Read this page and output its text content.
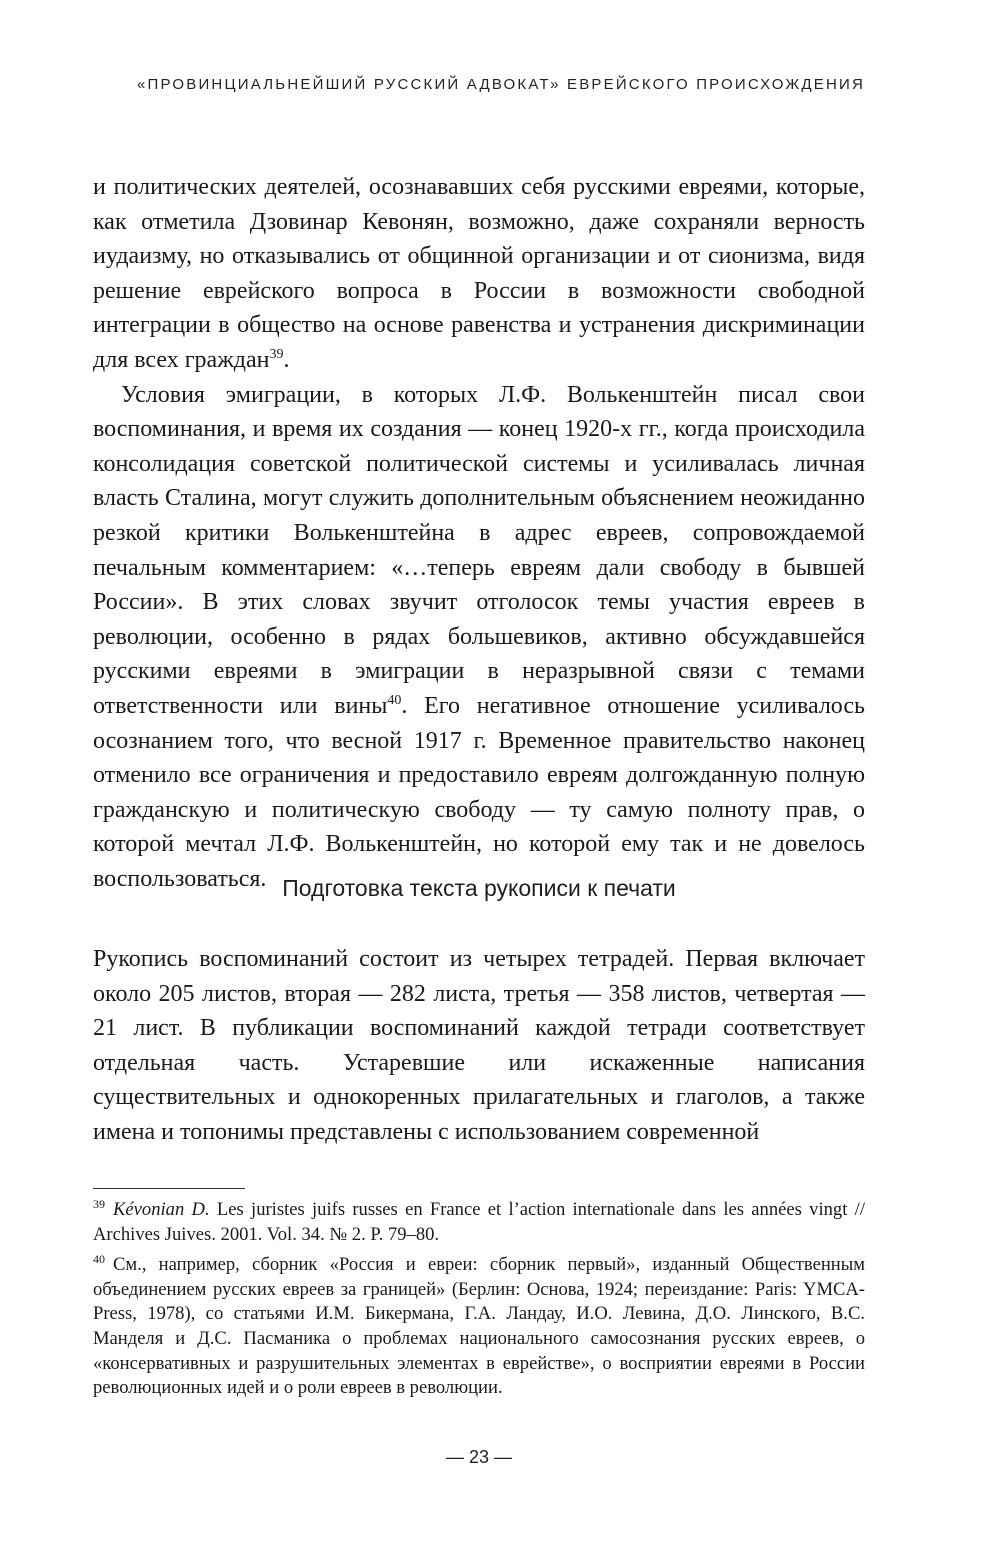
«ПРОВИНЦИАЛЬНЕЙШИЙ РУССКИЙ АДВОКАТ» ЕВРЕЙСКОГО ПРОИСХОЖДЕНИЯ

и политических деятелей, осознававших себя русскими евреями, которые, как отметила Дзовинар Кевонян, возможно, даже сохраняли верность иудаизму, но отказывались от общинной организации и от сионизма, видя решение еврейского вопроса в России в возможности свободной интеграции в общество на основе равенства и устранения дискриминации для всех граждан$^{39}$.

Условия эмиграции, в которых Л.Ф. Волькенштейн писал свои воспоминания, и время их создания — конец 1920-х гг., когда происходила консолидация советской политической системы и усиливалась личная власть Сталина, могут служить дополнительным объяснением неожиданно резкой критики Волькенштейна в адрес евреев, сопровождаемой печальным комментарием: «…теперь евреям дали свободу в бывшей России». В этих словах звучит отголосок темы участия евреев в революции, особенно в рядах большевиков, активно обсуждавшейся русскими евреями в эмиграции в неразрывной связи с темами ответственности или вины$^{40}$. Его негативное отношение усиливалось осознанием того, что весной 1917 г. Временное правительство наконец отменило все ограничения и предоставило евреям долгожданную полную гражданскую и политическую свободу — ту самую полноту прав, о которой мечтал Л.Ф. Волькенштейн, но которой ему так и не довелось воспользоваться. Подготовка текста рукописи к печати

Рукопись воспоминаний состоит из четырех тетрадей. Первая включает около 205 листов, вторая — 282 листа, третья — 358 листов, четвертая — 21 лист. В публикации воспоминаний каждой тетради соответствует отдельная часть. Устаревшие или искаженные написания существительных и однокоренных прилагательных и глаголов, а также имена и топонимы представлены с использованием современной

$^{39}$ Kévonian D. Les juristes juifs russes en France et l’action internationale dans les années vingt // Archives Juives. 2001. Vol. 34. № 2. P. 79–80.

$^{40}$ См., например, сборник «Россия и евреи: сборник первый», изданный Общественным объединением русских евреев за границей» (Берлин: Основа, 1924; переиздание: Paris: YMCA-Press, 1978), со статьями И.М. Бикермана, Г.А. Ландау, И.О. Левина, Д.О. Линского, В.С. Манделя и Д.С. Пасманика о проблемах национального самосознания русских евреев, о «консервативных и разрушительных элементах в еврействе», о восприятии евреями в России революционных идей и о роли евреев в революции.

— 23 —
